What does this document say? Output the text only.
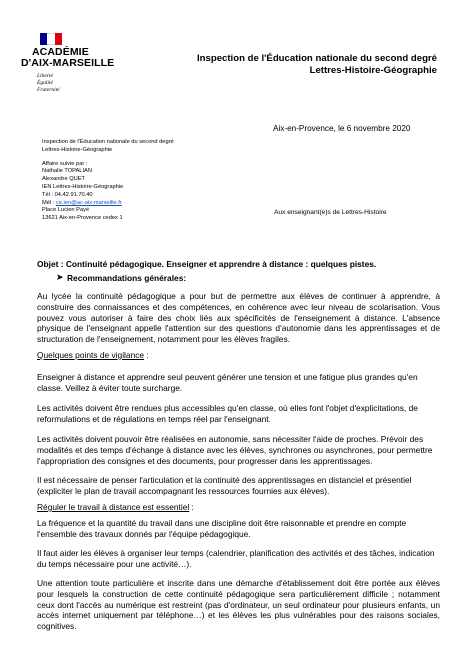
ACADÉMIE
D'AIX-MARSEILLE
Liberté
Égalité
Fraternité
Inspection de l'Éducation nationale du second degré
Lettres-Histoire-Géographie
Aix-en-Provence, le 6 novembre 2020
Inspection de l'Éducation nationale du second degré
Lettres-Histoire-Géographie
Affaire suivie par :
Nathalie TOPALIAN
Alexandre QUET
IEN Lettres-Histoire-Géographie
Tél : 04.42.91.70.40
Mél : ce.ien@ac-aix-marseille.fr
Place Lucien Payé
13621 Aix-en-Provence cedex 1
Aux enseignant(e)s de Lettres-Histoire
Objet : Continuité pédagogique. Enseigner et apprendre à distance : quelques pistes.
➤ Recommandations générales:
Au lycée la continuité pédagogique a pour but de permettre aux élèves de continuer à apprendre, à construire des connaissances et des compétences, en cohérence avec leur niveau de scolarisation. Vous pouvez vous autoriser à faire des choix liés aux spécificités de l'enseignement à distance. L'absence physique de l'enseignant appelle l'attention sur des questions d'autonomie dans les apprentissages et de structuration de l'enseignement, notamment pour les élèves fragiles.
Quelques points de vigilance :
Enseigner à distance et apprendre seul peuvent générer une tension et une fatigue plus grandes qu'en classe. Veillez à éviter toute surcharge.
Les activités doivent être rendues plus accessibles qu'en classe, où elles font l'objet d'explicitations, de reformulations et de régulations en temps réel par l'enseignant.
Les activités doivent pouvoir être réalisées en autonomie, sans nécessiter l'aide de proches. Prévoir des modalités et des temps d'échange à distance avec les élèves, synchrones ou asynchrones, pour permettre l'appropriation des consignes et des documents, pour progresser dans les apprentissages.
Il est nécessaire de penser l'articulation et la continuité des apprentissages en distanciel et présentiel (expliciter le plan de travail accompagnant les ressources fournies aux élèves).
Réguler le travail à distance est essentiel :
La fréquence et la quantité du travail dans une discipline doit être raisonnable et prendre en compte l'ensemble des travaux donnés par l'équipe pédagogique.
Il faut aider les élèves à organiser leur temps (calendrier, planification des activités et des tâches, indication du temps nécessaire pour une activité…).
Une attention toute particulière et inscrite dans une démarche d'établissement doit être portée aux élèves pour lesquels la construction de cette continuité pédagogique sera particulièrement difficile ; notamment ceux dont l'accès au numérique est restreint (pas d'ordinateur, un seul ordinateur pour plusieurs enfants, un accès internet uniquement par téléphone…) et les élèves les plus vulnérables pour des raisons sociales, cognitives.
